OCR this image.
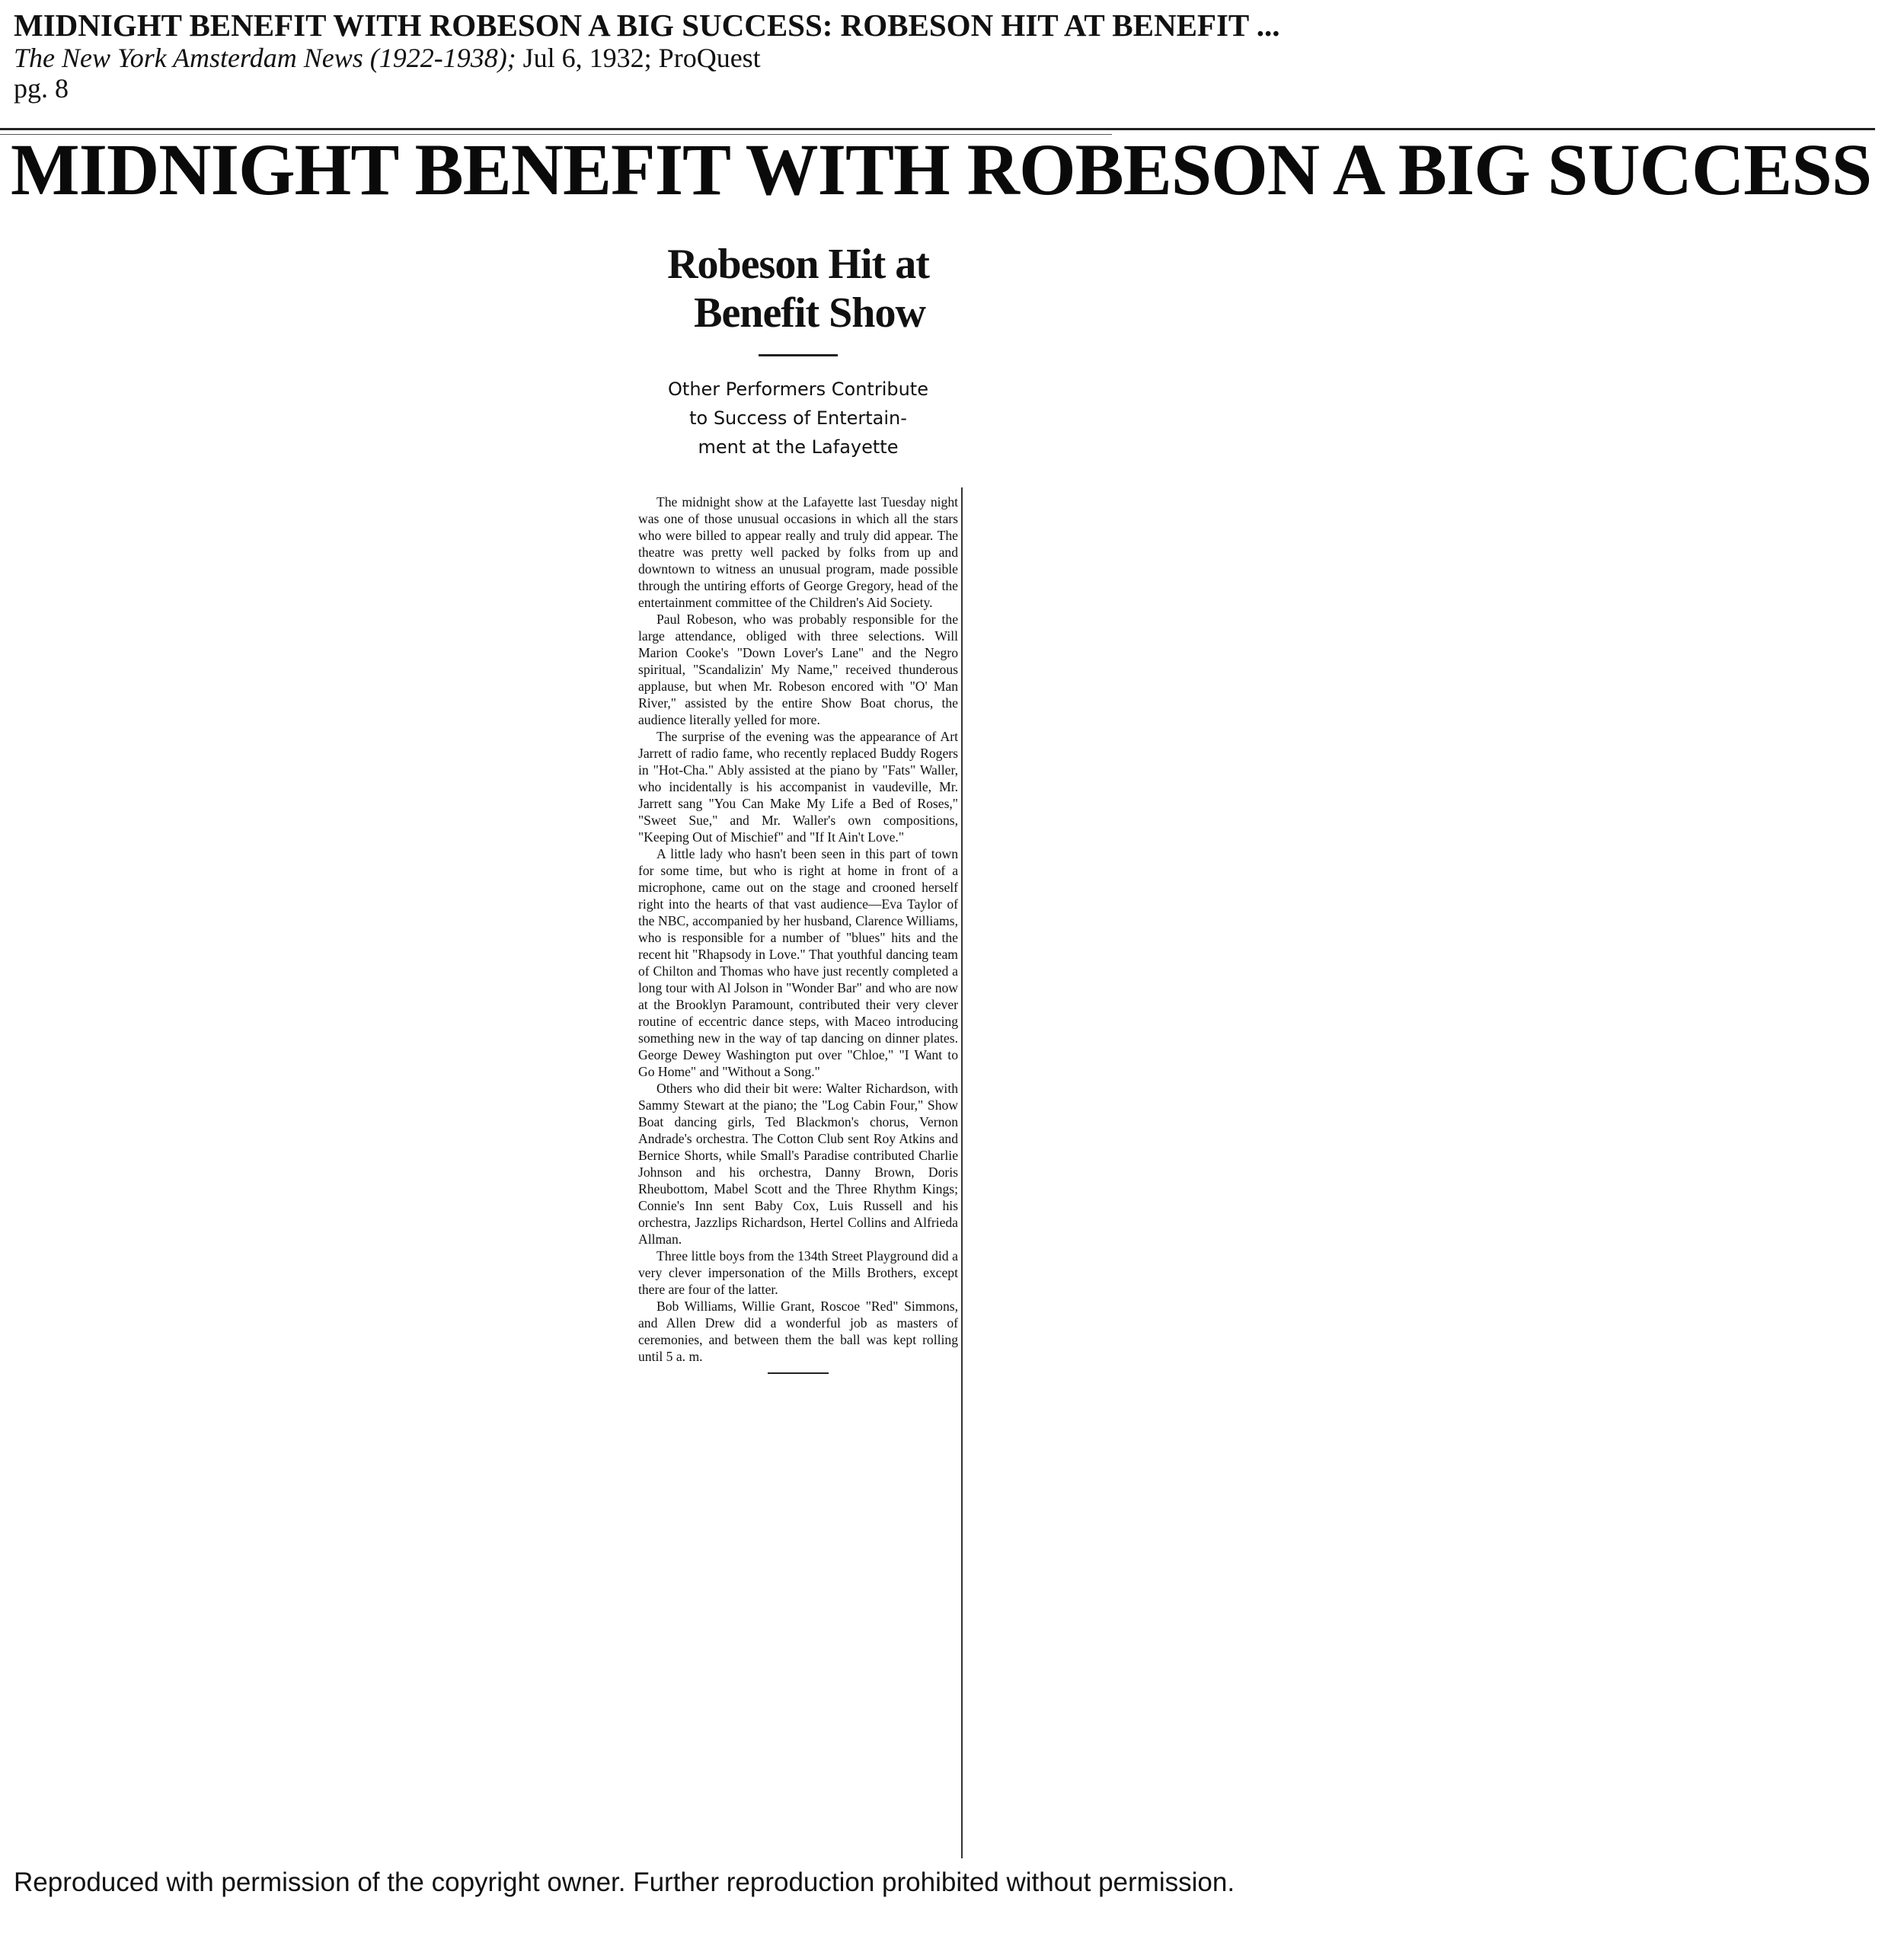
MIDNIGHT BENEFIT WITH ROBESON A BIG SUCCESS: ROBESON HIT AT BENEFIT ...
The New York Amsterdam News (1922-1938); Jul 6, 1932; ProQuest
pg. 8
MIDNIGHT BENEFIT WITH ROBESON A BIG SUCCESS
Robeson Hit at
Benefit Show
Other Performers Contribute
to Success of Entertain-
ment at the Lafayette

The midnight show at the Lafayette last Tuesday night was one of those unusual occasions in which all the stars who were billed to appear really and truly did appear. The theatre was pretty well packed by folks from up and downtown to witness an unusual program, made possible through the untiring efforts of George Gregory, head of the entertainment committee of the Children's Aid Society.

Paul Robeson, who was probably responsible for the large attendance, obliged with three selections. Will Marion Cooke's "Down Lover's Lane" and the Negro spiritual, "Scandalizin' My Name," received thunderous applause, but when Mr. Robeson encored with "O' Man River," assisted by the entire Show Boat chorus, the audience literally yelled for more.

The surprise of the evening was the appearance of Art Jarrett of radio fame, who recently replaced Buddy Rogers in "Hot-Cha." Ably assisted at the piano by "Fats" Waller, who incidentally is his accompanist in vaudeville, Mr. Jarrett sang "You Can Make My Life a Bed of Roses," "Sweet Sue," and Mr. Waller's own compositions, "Keeping Out of Mischief" and "If It Ain't Love."

A little lady who hasn't been seen in this part of town for some time, but who is right at home in front of a microphone, came out on the stage and crooned herself right into the hearts of that vast audience—Eva Taylor of the NBC, accompanied by her husband, Clarence Williams, who is responsible for a number of "blues" hits and the recent hit "Rhapsody in Love." That youthful dancing team of Chilton and Thomas who have just recently completed a long tour with Al Jolson in "Wonder Bar" and who are now at the Brooklyn Paramount, contributed their very clever routine of eccentric dance steps, with Maceo introducing something new in the way of tap dancing on dinner plates. George Dewey Washington put over "Chloe," "I Want to Go Home" and "Without a Song."

Others who did their bit were: Walter Richardson, with Sammy Stewart at the piano; the "Log Cabin Four," Show Boat dancing girls, Ted Blackmon's chorus, Vernon Andrade's orchestra. The Cotton Club sent Roy Atkins and Bernice Shorts, while Small's Paradise contributed Charlie Johnson and his orchestra, Danny Brown, Doris Rheubottom, Mabel Scott and the Three Rhythm Kings; Connie's Inn sent Baby Cox, Luis Russell and his orchestra, Jazzlips Richardson, Hertel Collins and Alfrieda Allman.

Three little boys from the 134th Street Playground did a very clever impersonation of the Mills Brothers, except there are four of the latter.

Bob Williams, Willie Grant, Roscoe "Red" Simmons, and Allen Drew did a wonderful job as masters of ceremonies, and between them the ball was kept rolling until 5 a. m.

Reproduced with permission of the copyright owner. Further reproduction prohibited without permission.
